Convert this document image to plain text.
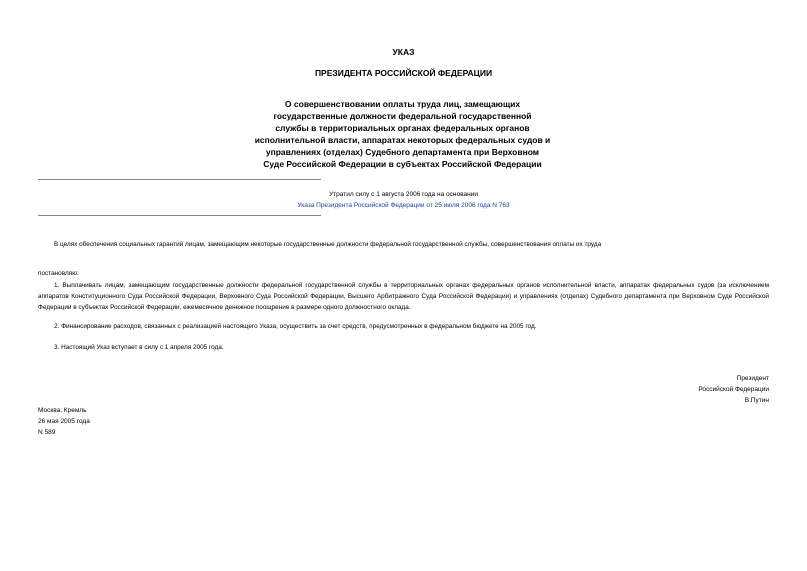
УКАЗ
ПРЕЗИДЕНТА РОССИЙСКОЙ ФЕДЕРАЦИИ
О совершенствовании оплаты труда лиц, замещающих
государственные должности федеральной государственной
службы в территориальных органах федеральных органов
исполнительной власти, аппаратах некоторых федеральных судов и
управлениях (отделах) Судебного департамента при Верховном
Суде Российской Федерации в субъектах Российской Федерации
Утратил силу с 1 августа 2006 года на основании
Указа Президента Российской Федерации от 25 июля 2006 года N 763
В целях обеспечения социальных гарантий лицам, замещающим некоторые государственные должности федеральной государственной службы, совершенствования оплаты их труда
постановляю:
1. Выплачивать лицам, замещающим государственные должности федеральной государственной службы в территориальных органах федеральных органов исполнительной власти, аппаратах федеральных судов (за исключением аппаратов Конституционного Суда Российской Федерации, Верховного Суда Российской Федерации, Высшего Арбитражного Суда Российской Федерации) и управлениях (отделах) Судебного департамента при Верховном Суде Российской Федерации в субъектах Российской Федерации, ежемесячное денежное поощрение в размере одного должностного оклада.
2. Финансирование расходов, связанных с реализацией настоящего Указа, осуществить за счет средств, предусмотренных в федеральном бюджете на 2005 год.
3. Настоящий Указ вступает в силу с 1 апреля 2005 года.
Президент
Российской Федерации
В.Путин
Москва, Кремль
26 мая 2005 года
N 589
